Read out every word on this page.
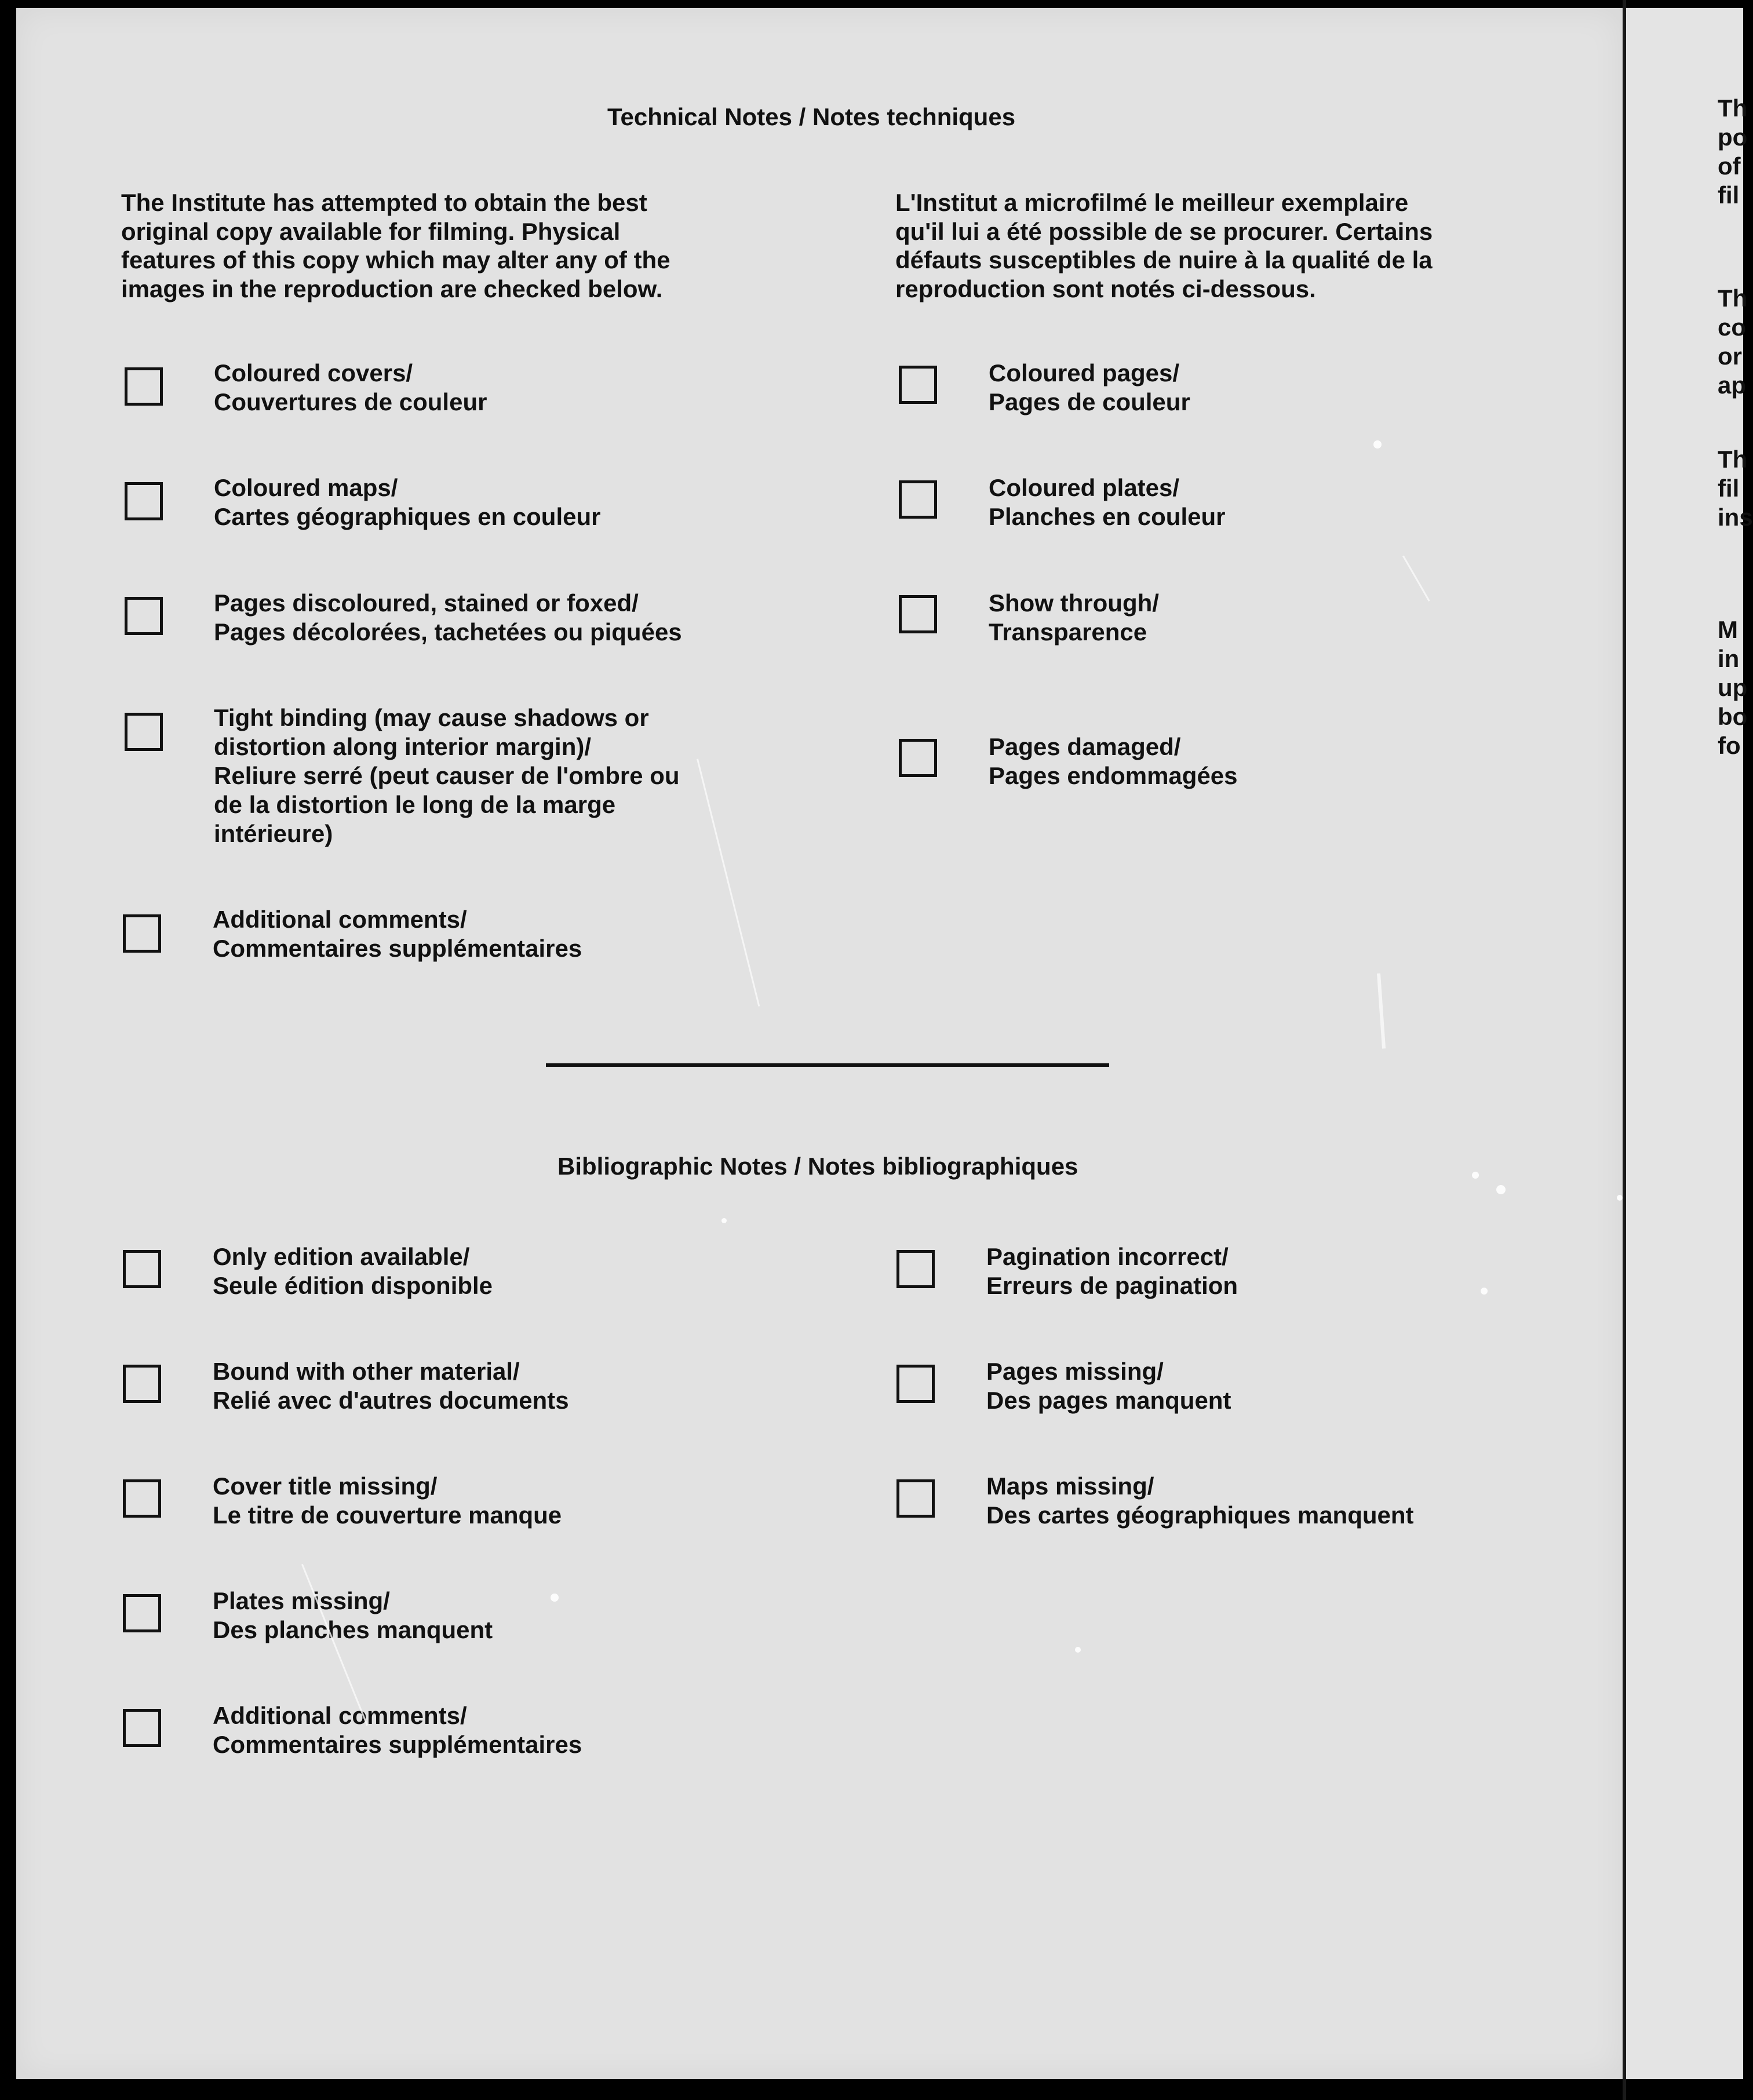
Technical Notes / Notes techniques

The Institute has attempted to obtain the best

original copy available for filming. Physical

features of this copy which may alter any of the

images in the reproduction are checked below.

L'Institut a microfilmé le meilleur exemplaire

qu'il lui a été possible de se procurer. Certains

défauts susceptibles de nuire à la qualité de la

reproduction sont notés ci-dessous.

Coloured covers/

Couvertures de couleur

Coloured maps/

Cartes géographiques en couleur

Pages discoloured, stained or foxed/

Pages décolorées, tachetées ou piquées

Tight binding (may cause shadows or

distortion along interior margin)/

Reliure serré (peut causer de l'ombre ou

de la distortion le long de la marge

intérieure)

Additional comments/

Commentaires supplémentaires

Coloured pages/

Pages de couleur

Coloured plates/

Planches en couleur

Show through/

Transparence

Pages damaged/

Pages endommagées

Bibliographic Notes / Notes bibliographiques

Only edition available/

Seule édition disponible

Bound with other material/

Relié avec d'autres documents

Cover title missing/

Le titre de couverture manque

Plates missing/

Des planches manquent

Additional comments/

Commentaires supplémentaires

Pagination incorrect/

Erreurs de pagination

Pages missing/

Des pages manquent

Maps missing/

Des cartes géographiques manquent

Th

po

of

fil

Th

co

or

ap

Th

fil

ins

M

in

up

bo

fo
